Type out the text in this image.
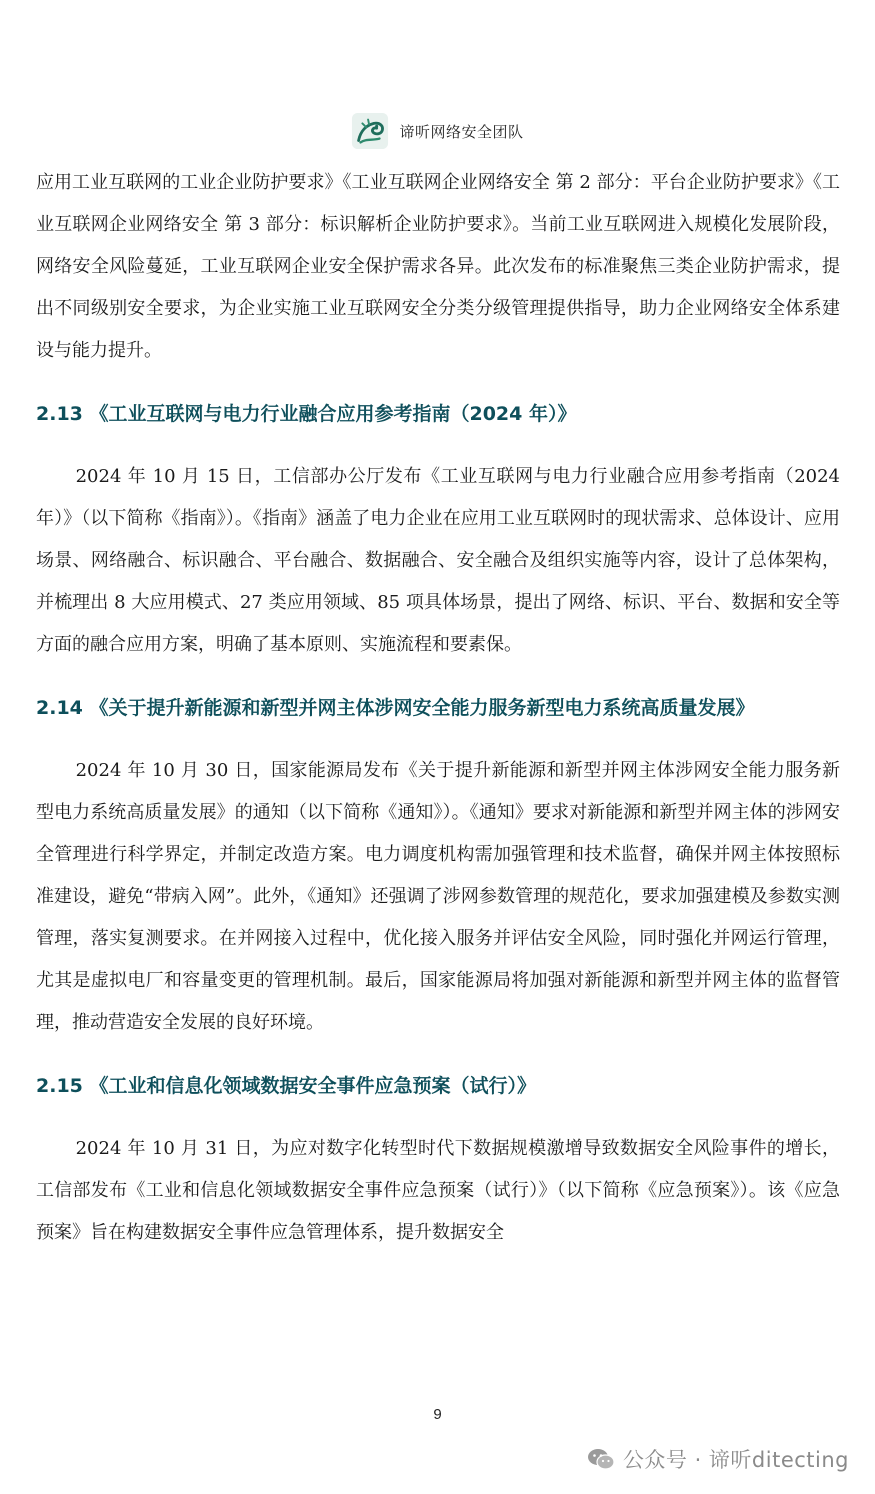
谛听网络安全团队

应用工业互联网的工业企业防护要求》《工业互联网企业网络安全 第 2 部分：平台企业防护要求》《工业互联网企业网络安全 第 3 部分：标识解析企业防护要求》。当前工业互联网进入规模化发展阶段，网络安全风险蔓延，工业互联网企业安全保护需求各异。此次发布的标准聚焦三类企业防护需求，提出不同级别安全要求，为企业实施工业互联网安全分类分级管理提供指导，助力企业网络安全体系建设与能力提升。

2.13 《工业互联网与电力行业融合应用参考指南（2024 年）》

2024 年 10 月 15 日，工信部办公厅发布《工业互联网与电力行业融合应用参考指南（2024 年）》（以下简称《指南》）。《指南》涵盖了电力企业在应用工业互联网时的现状需求、总体设计、应用场景、网络融合、标识融合、平台融合、数据融合、安全融合及组织实施等内容，设计了总体架构，并梳理出 8 大应用模式、27 类应用领域、85 项具体场景，提出了网络、标识、平台、数据和安全等方面的融合应用方案，明确了基本原则、实施流程和要素保。

2.14 《关于提升新能源和新型并网主体涉网安全能力服务新型电力系统高质量发展》

2024 年 10 月 30 日，国家能源局发布《关于提升新能源和新型并网主体涉网安全能力服务新型电力系统高质量发展》的通知（以下简称《通知》）。《通知》要求对新能源和新型并网主体的涉网安全管理进行科学界定，并制定改造方案。电力调度机构需加强管理和技术监督，确保并网主体按照标准建设，避免“带病入网”。此外，《通知》还强调了涉网参数管理的规范化，要求加强建模及参数实测管理，落实复测要求。在并网接入过程中，优化接入服务并评估安全风险，同时强化并网运行管理，尤其是虚拟电厂和容量变更的管理机制。最后，国家能源局将加强对新能源和新型并网主体的监督管理，推动营造安全发展的良好环境。

2.15 《工业和信息化领域数据安全事件应急预案（试行）》

2024 年 10 月 31 日，为应对数字化转型时代下数据规模激增导致数据安全风险事件的增长，工信部发布《工业和信息化领域数据安全事件应急预案（试行）》（以下简称《应急预案》）。该《应急预案》旨在构建数据安全事件应急管理体系，提升数据安全

9
公众号 · 谛听ditecting
